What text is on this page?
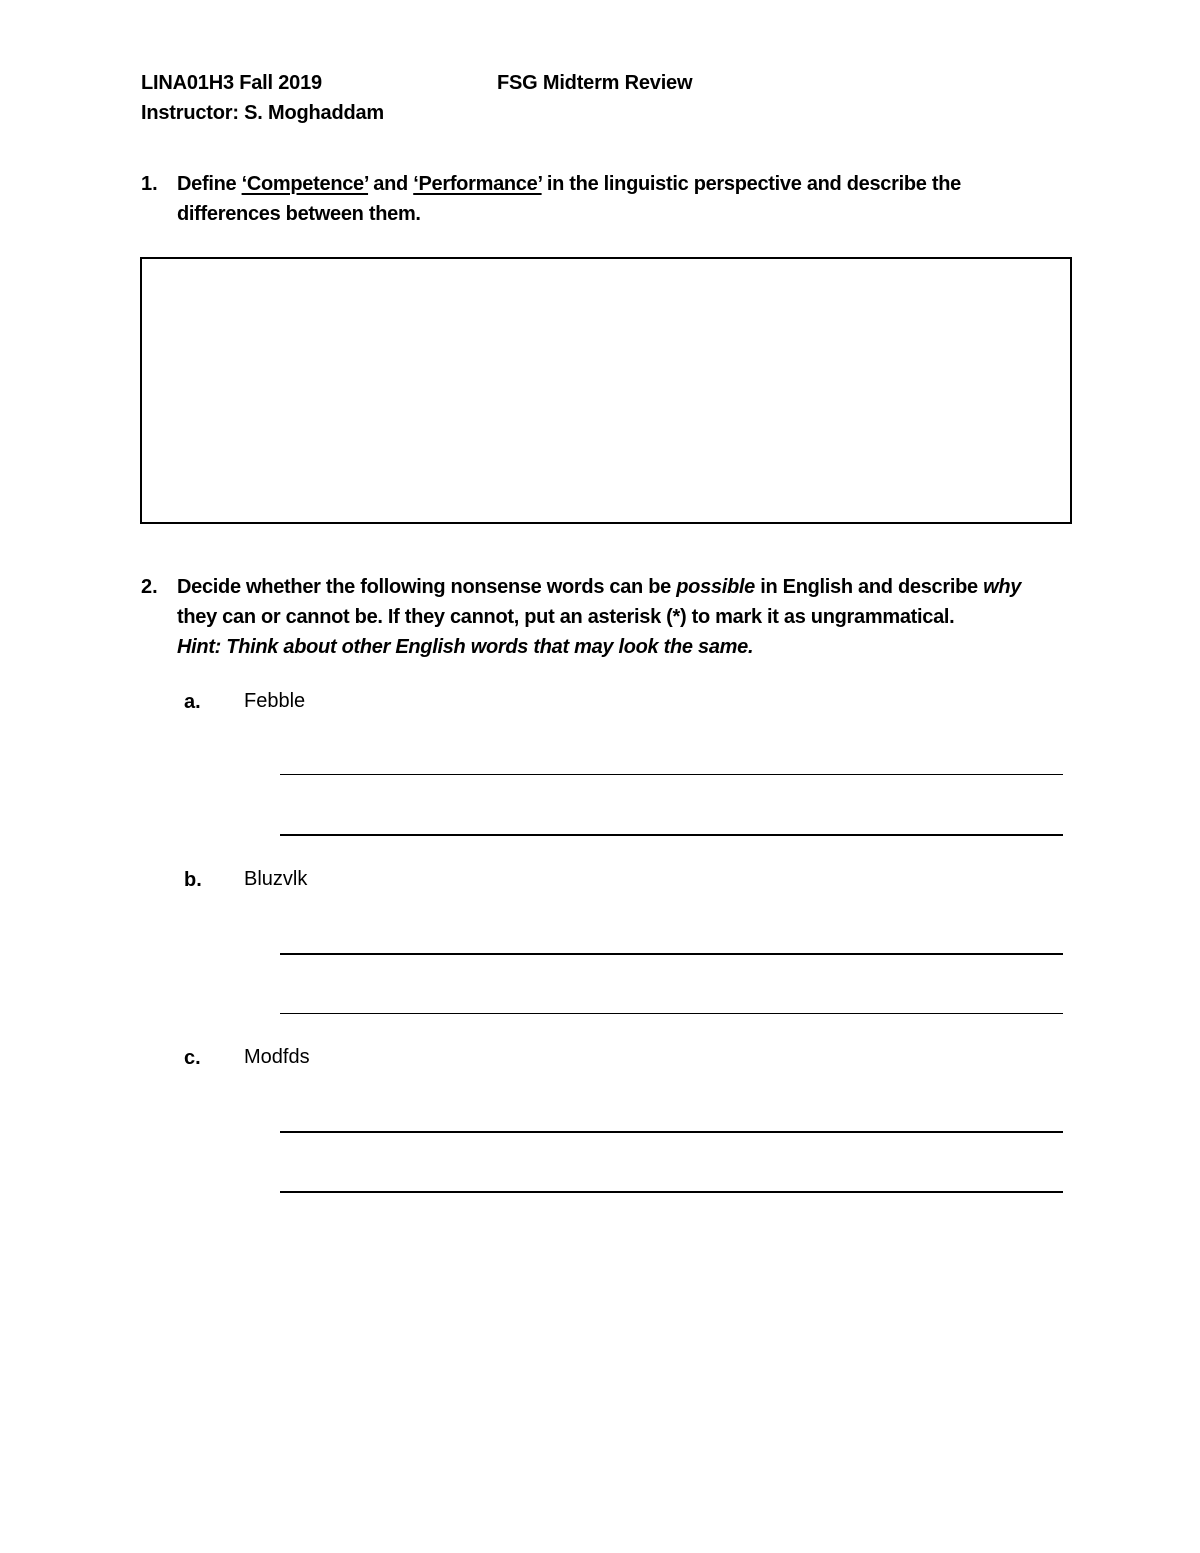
LINA01H3 Fall 2019	FSG Midterm Review
Instructor: S. Moghaddam
1. Define ‘Competence’ and ‘Performance’ in the linguistic perspective and describe the
differences between them.
2. Decide whether the following nonsense words can be possible in English and describe why
they can or cannot be. If they cannot, put an asterisk (*) to mark it as ungrammatical.
Hint: Think about other English words that may look the same.
a. Febble
b. Bluzvlk
c. Modfds
